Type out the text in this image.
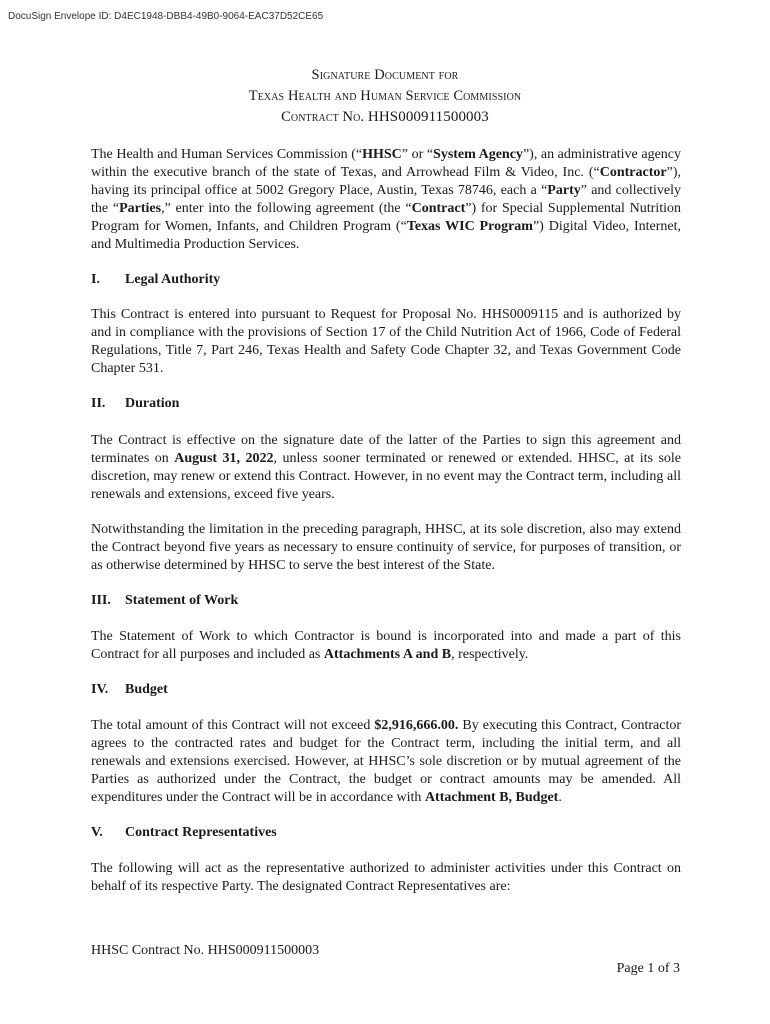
DocuSign Envelope ID: D4EC1948-DBB4-49B0-9064-EAC37D52CE65
Signature Document for
Texas Health and Human Service Commission
Contract No. HHS000911500003
The Health and Human Services Commission (“HHSC” or “System Agency”), an administrative agency within the executive branch of the state of Texas, and Arrowhead Film & Video, Inc. (“Contractor”), having its principal office at 5002 Gregory Place, Austin, Texas 78746, each a “Party” and collectively the “Parties,” enter into the following agreement (the “Contract”) for Special Supplemental Nutrition Program for Women, Infants, and Children Program (“Texas WIC Program”) Digital Video, Internet, and Multimedia Production Services.
I. Legal Authority
This Contract is entered into pursuant to Request for Proposal No. HHS0009115 and is authorized by and in compliance with the provisions of Section 17 of the Child Nutrition Act of 1966, Code of Federal Regulations, Title 7, Part 246, Texas Health and Safety Code Chapter 32, and Texas Government Code Chapter 531.
II. Duration
The Contract is effective on the signature date of the latter of the Parties to sign this agreement and terminates on August 31, 2022, unless sooner terminated or renewed or extended. HHSC, at its sole discretion, may renew or extend this Contract. However, in no event may the Contract term, including all renewals and extensions, exceed five years.
Notwithstanding the limitation in the preceding paragraph, HHSC, at its sole discretion, also may extend the Contract beyond five years as necessary to ensure continuity of service, for purposes of transition, or as otherwise determined by HHSC to serve the best interest of the State.
III. Statement of Work
The Statement of Work to which Contractor is bound is incorporated into and made a part of this Contract for all purposes and included as Attachments A and B, respectively.
IV. Budget
The total amount of this Contract will not exceed $2,916,666.00. By executing this Contract, Contractor agrees to the contracted rates and budget for the Contract term, including the initial term, and all renewals and extensions exercised. However, at HHSC’s sole discretion or by mutual agreement of the Parties as authorized under the Contract, the budget or contract amounts may be amended. All expenditures under the Contract will be in accordance with Attachment B, Budget.
V. Contract Representatives
The following will act as the representative authorized to administer activities under this Contract on behalf of its respective Party. The designated Contract Representatives are:
HHSC Contract No. HHS000911500003
Page 1 of 3
